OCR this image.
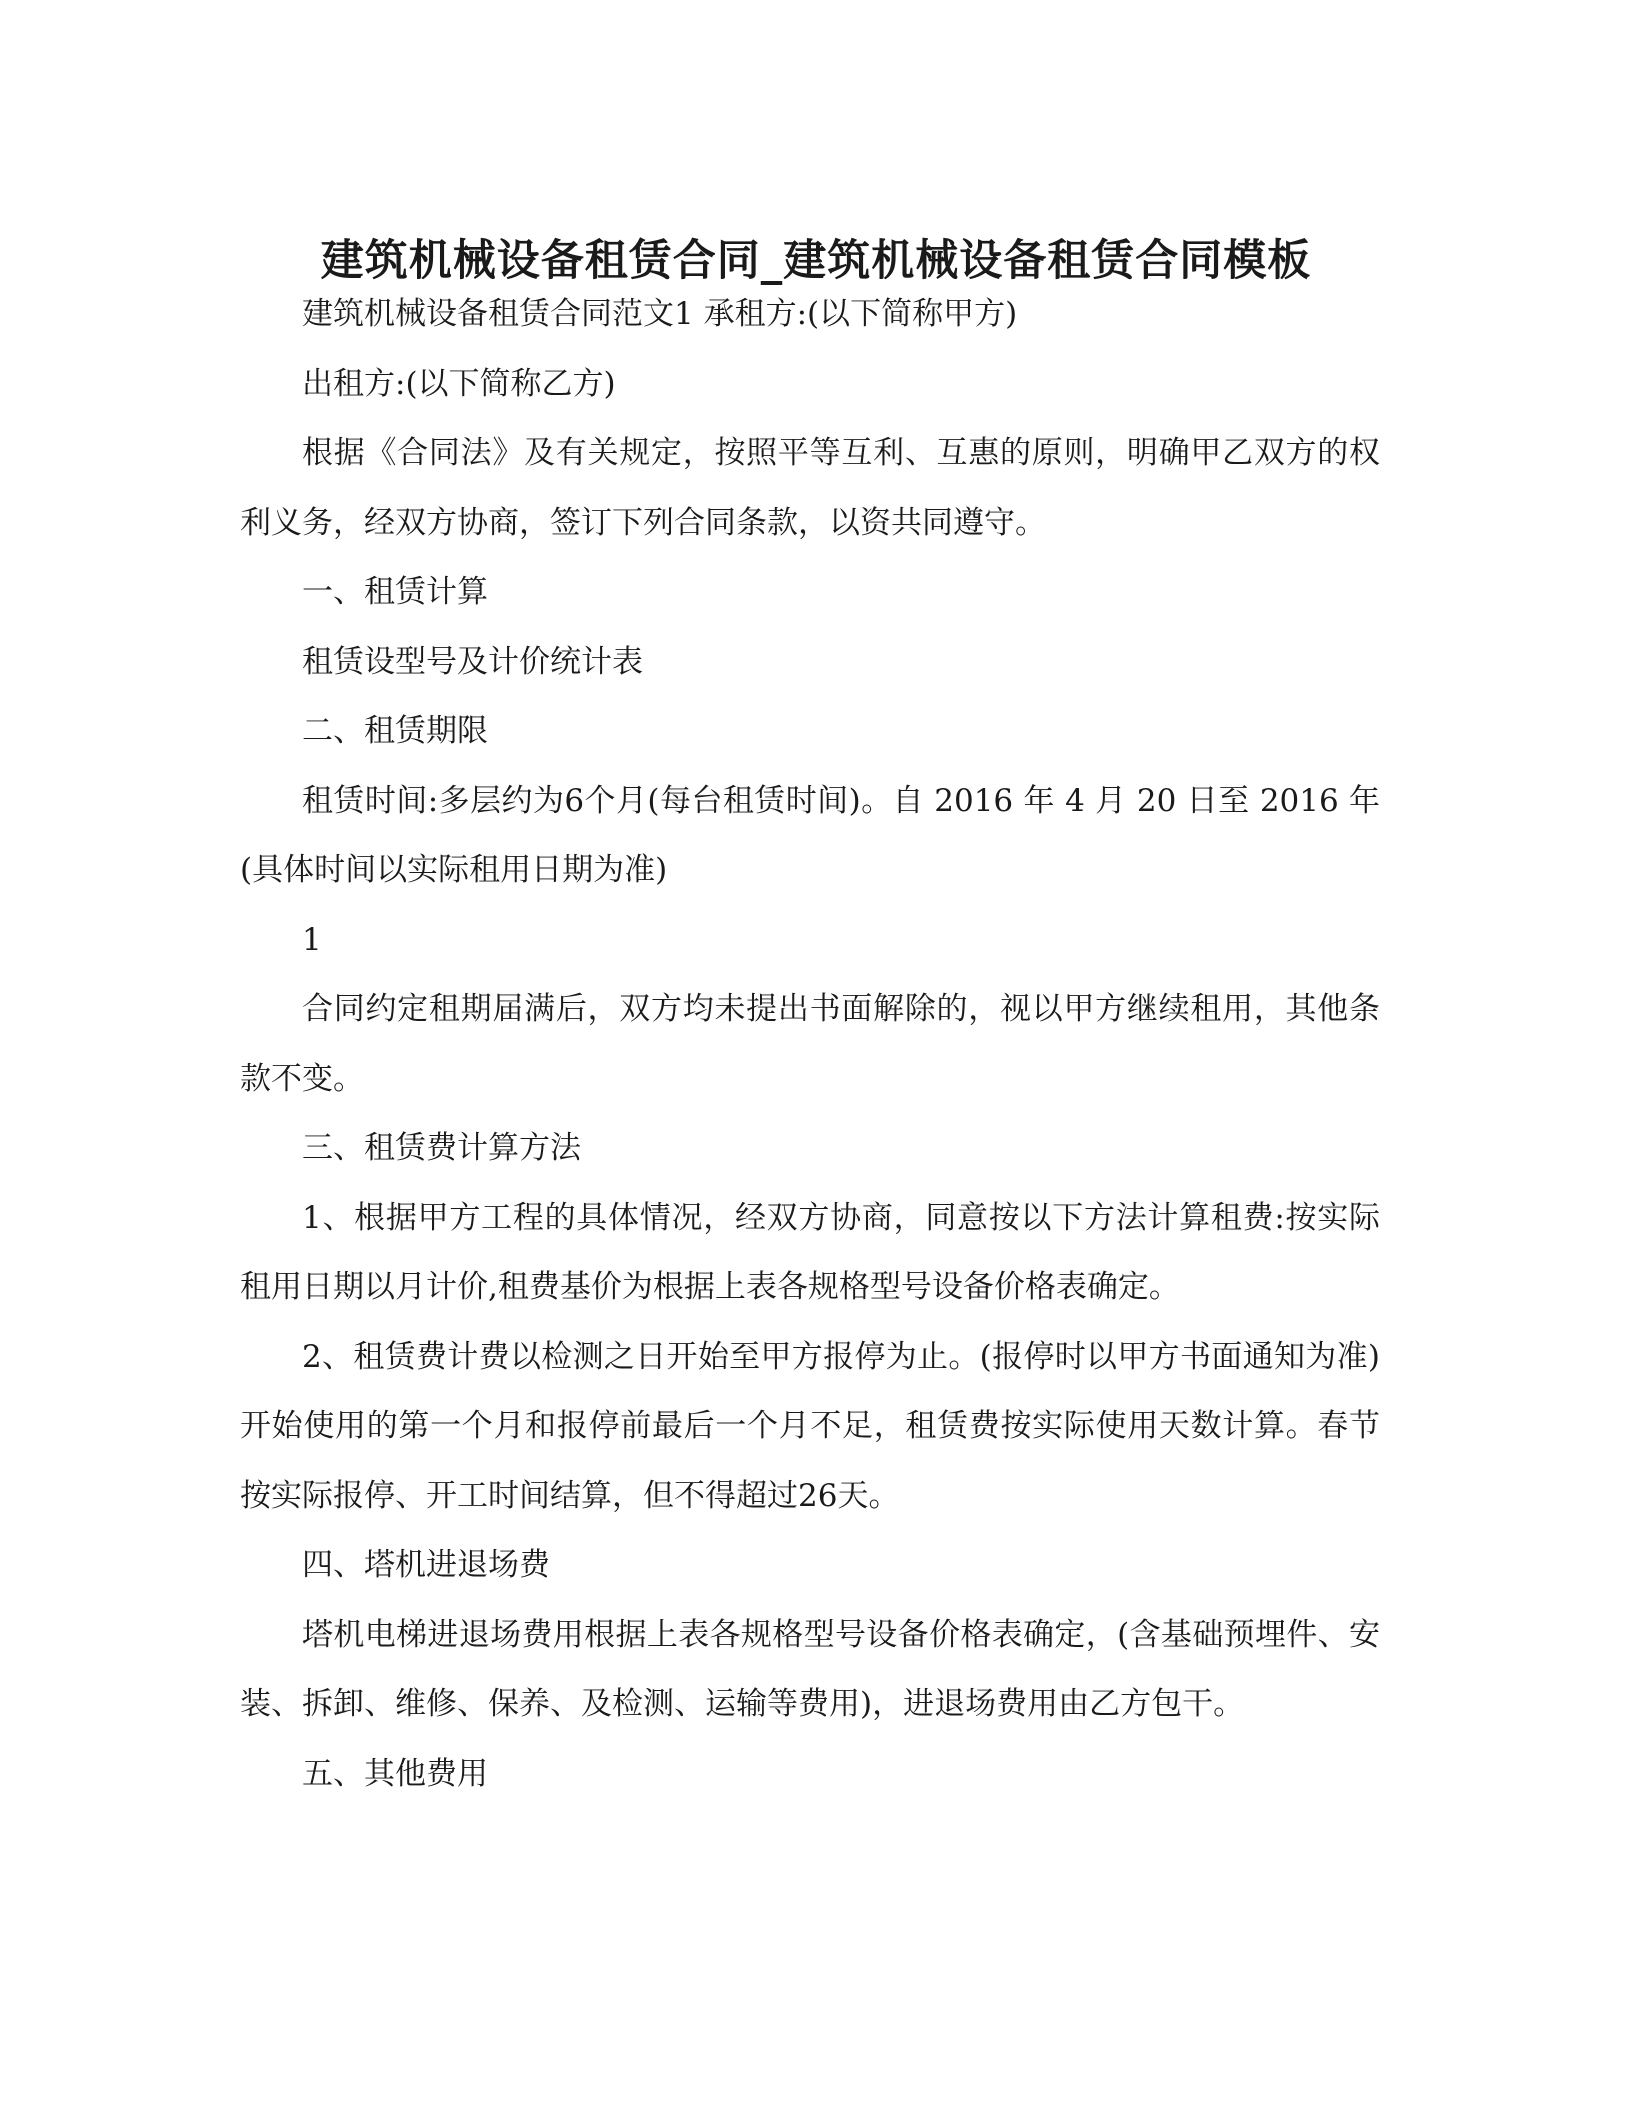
建筑机械设备租赁合同_建筑机械设备租赁合同模板

建筑机械设备租赁合同范文1 承租方:(以下简称甲方)

出租方:(以下简称乙方)

根据《合同法》及有关规定，按照平等互利、互惠的原则，明确甲乙双方的权利义务，经双方协商，签订下列合同条款，以资共同遵守。

一、租赁计算

租赁设型号及计价统计表

二、租赁期限

租赁时间:多层约为6个月(每台租赁时间)。自 2016 年 4 月 20 日至 2016 年 (具体时间以实际租用日期为准)

1

合同约定租期届满后，双方均未提出书面解除的，视以甲方继续租用，其他条款不变。

三、租赁费计算方法

1、根据甲方工程的具体情况，经双方协商，同意按以下方法计算租费:按实际租用日期以月计价,租费基价为根据上表各规格型号设备价格表确定。

2、租赁费计费以检测之日开始至甲方报停为止。(报停时以甲方书面通知为准)开始使用的第一个月和报停前最后一个月不足，租赁费按实际使用天数计算。春节按实际报停、开工时间结算，但不得超过26天。

四、塔机进退场费

塔机电梯进退场费用根据上表各规格型号设备价格表确定，(含基础预埋件、安装、拆卸、维修、保养、及检测、运输等费用)，进退场费用由乙方包干。

五、其他费用
